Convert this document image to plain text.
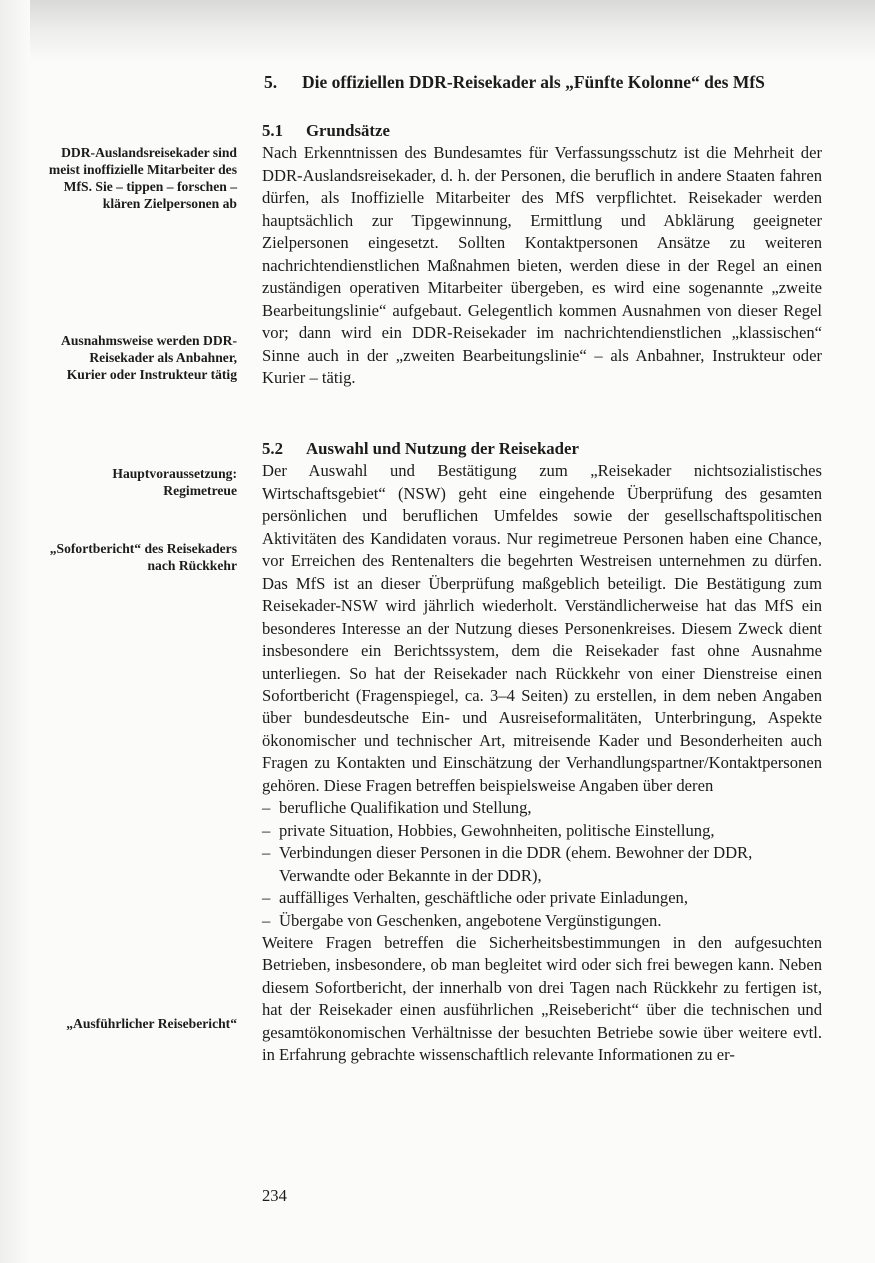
DDR-Auslandsreisekader sind meist inoffizielle Mitarbeiter des MfS. Sie – tippen – forschen – klären Zielpersonen ab
Ausnahmsweise werden DDR-Reisekader als Anbahner, Kurier oder Instrukteur tätig
Hauptvoraussetzung: Regimetreue
„Sofortbericht“ des Reisekaders nach Rückkehr
„Ausführlicher Reisebericht“
5. Die offiziellen DDR-Reisekader als „Fünfte Kolonne“ des MfS
5.1 Grundsätze

Nach Erkenntnissen des Bundesamtes für Verfassungsschutz ist die Mehrheit der DDR-Auslandsreisekader, d. h. der Personen, die beruflich in andere Staaten fahren dürfen, als Inoffizielle Mitarbeiter des MfS verpflichtet. Reisekader werden hauptsächlich zur Tipgewinnung, Ermittlung und Abklärung geeigneter Zielpersonen eingesetzt. Sollten Kontaktpersonen Ansätze zu weiteren nachrichtendienstlichen Maßnahmen bieten, werden diese in der Regel an einen zuständigen operativen Mitarbeiter übergeben, es wird eine sogenannte „zweite Bearbeitungslinie“ aufgebaut. Gelegentlich kommen Ausnahmen von dieser Regel vor; dann wird ein DDR-Reisekader im nachrichtendienstlichen „klassischen“ Sinne auch in der „zweiten Bearbeitungslinie“ – als Anbahner, Instrukteur oder Kurier – tätig.

5.2 Auswahl und Nutzung der Reisekader

Der Auswahl und Bestätigung zum „Reisekader nichtsozialistisches Wirtschaftsgebiet“ (NSW) geht eine eingehende Überprüfung des gesamten persönlichen und beruflichen Umfeldes sowie der gesellschaftspolitischen Aktivitäten des Kandidaten voraus. Nur regimetreue Personen haben eine Chance, vor Erreichen des Rentenalters die begehrten Westreisen unternehmen zu dürfen. Das MfS ist an dieser Überprüfung maßgeblich beteiligt. Die Bestätigung zum Reisekader-NSW wird jährlich wiederholt. Verständlicherweise hat das MfS ein besonderes Interesse an der Nutzung dieses Personenkreises. Diesem Zweck dient insbesondere ein Berichtssystem, dem die Reisekader fast ohne Ausnahme unterliegen. So hat der Reisekader nach Rückkehr von einer Dienstreise einen Sofortbericht (Fragenspiegel, ca. 3–4 Seiten) zu erstellen, in dem neben Angaben über bundesdeutsche Ein- und Ausreiseformalitäten, Unterbringung, Aspekte ökonomischer und technischer Art, mitreisende Kader und Besonderheiten auch Fragen zu Kontakten und Einschätzung der Verhandlungspartner/Kontaktpersonen gehören. Diese Fragen betreffen beispielsweise Angaben über deren

– berufliche Qualifikation und Stellung,
– private Situation, Hobbies, Gewohnheiten, politische Einstellung,
– Verbindungen dieser Personen in die DDR (ehem. Bewohner der DDR, Verwandte oder Bekannte in der DDR),
– auffälliges Verhalten, geschäftliche oder private Einladungen,
– Übergabe von Geschenken, angebotene Vergünstigungen.

Weitere Fragen betreffen die Sicherheitsbestimmungen in den aufgesuchten Betrieben, insbesondere, ob man begleitet wird oder sich frei bewegen kann. Neben diesem Sofortbericht, der innerhalb von drei Tagen nach Rückkehr zu fertigen ist, hat der Reisekader einen ausführlichen „Reisebericht“ über die technischen und gesamtökonomischen Verhältnisse der besuchten Betriebe sowie über weitere evtl. in Erfahrung gebrachte wissenschaftlich relevante Informationen zu er-

234
